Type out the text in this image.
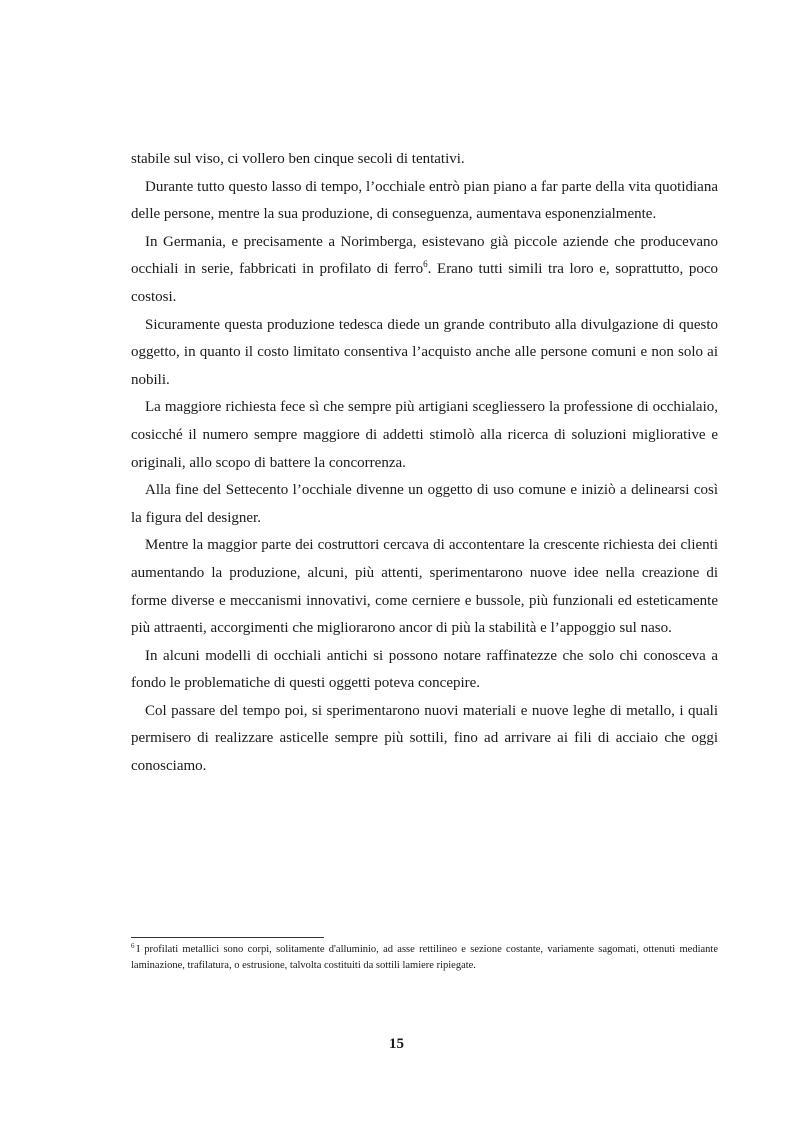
stabile sul viso, ci vollero ben cinque secoli di tentativi.

Durante tutto questo lasso di tempo, l’occhiale entrò pian piano a far parte della vita quotidiana delle persone, mentre la sua produzione, di conseguenza, aumentava esponenzialmente.

In Germania, e precisamente a Norimberga, esistevano già piccole aziende che producevano occhiali in serie, fabbricati in profilato di ferro$^6$. Erano tutti simili tra loro e, soprattutto, poco costosi.

Sicuramente questa produzione tedesca diede un grande contributo alla divulgazione di questo oggetto, in quanto il costo limitato consentiva l’acquisto anche alle persone comuni e non solo ai nobili.

La maggiore richiesta fece sì che sempre più artigiani scegliessero la professione di occhialaio, cosicché il numero sempre maggiore di addetti stimolò alla ricerca di soluzioni migliorative e originali, allo scopo di battere la concorrenza.

Alla fine del Settecento l’occhiale divenne un oggetto di uso comune e iniziò a delinearsi così la figura del designer.

Mentre la maggior parte dei costruttori cercava di accontentare la crescente richiesta dei clienti aumentando la produzione, alcuni, più attenti, sperimentarono nuove idee nella creazione di forme diverse e meccanismi innovativi, come cerniere e bussole, più funzionali ed esteticamente più attraenti, accorgimenti che migliorarono ancor di più la stabilità e l’appoggio sul naso.

In alcuni modelli di occhiali antichi si possono notare raffinatezze che solo chi conosceva a fondo le problematiche di questi oggetti poteva concepire.

Col passare del tempo poi, si sperimentarono nuovi materiali e nuove leghe di metallo, i quali permisero di realizzare asticelle sempre più sottili, fino ad arrivare ai fili di acciaio che oggi conosciamo.

$^6$ I profilati metallici sono corpi, solitamente d'alluminio, ad asse rettilineo e sezione costante, variamente sagomati, ottenuti mediante laminazione, trafilatura, o estrusione, talvolta costituiti da sottili lamiere ripiegate.
15
